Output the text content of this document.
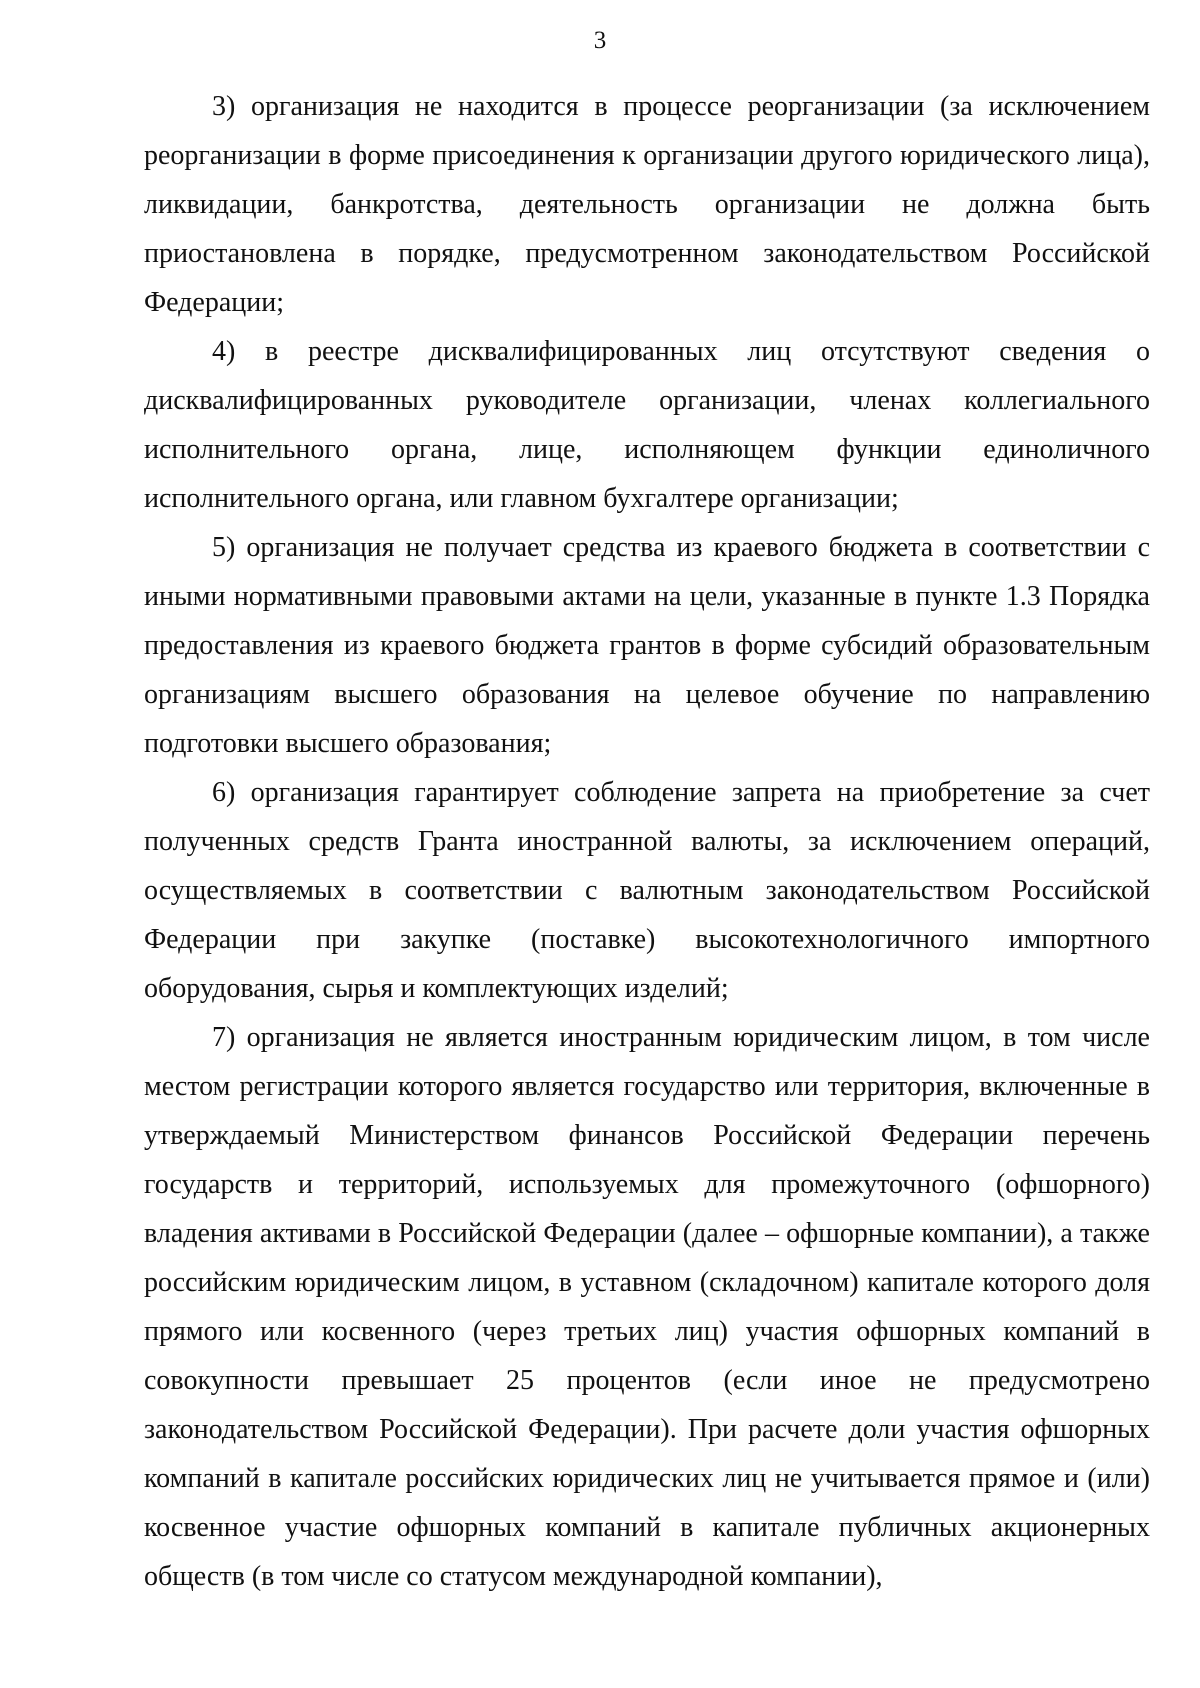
3

3) организация не находится в процессе реорганизации (за исключением реорганизации в форме присоединения к организации другого юридического лица), ликвидации, банкротства, деятельность организации не должна быть приостановлена в порядке, предусмотренном законодательством Российской Федерации;

4) в реестре дисквалифицированных лиц отсутствуют сведения о дисквалифицированных руководителе организации, членах коллегиального исполнительного органа, лице, исполняющем функции единоличного исполнительного органа, или главном бухгалтере организации;

5) организация не получает средства из краевого бюджета в соответствии с иными нормативными правовыми актами на цели, указанные в пункте 1.3 Порядка предоставления из краевого бюджета грантов в форме субсидий образовательным организациям высшего образования на целевое обучение по направлению подготовки высшего образования;

6) организация гарантирует соблюдение запрета на приобретение за счет полученных средств Гранта иностранной валюты, за исключением операций, осуществляемых в соответствии с валютным законодательством Российской Федерации при закупке (поставке) высокотехнологичного импортного оборудования, сырья и комплектующих изделий;

7) организация не является иностранным юридическим лицом, в том числе местом регистрации которого является государство или территория, включенные в утверждаемый Министерством финансов Российской Федерации перечень государств и территорий, используемых для промежуточного (офшорного) владения активами в Российской Федерации (далее – офшорные компании), а также российским юридическим лицом, в уставном (складочном) капитале которого доля прямого или косвенного (через третьих лиц) участия офшорных компаний в совокупности превышает 25 процентов (если иное не предусмотрено законодательством Российской Федерации). При расчете доли участия офшорных компаний в капитале российских юридических лиц не учитывается прямое и (или) косвенное участие офшорных компаний в капитале публичных акционерных обществ (в том числе со статусом международной компании),
